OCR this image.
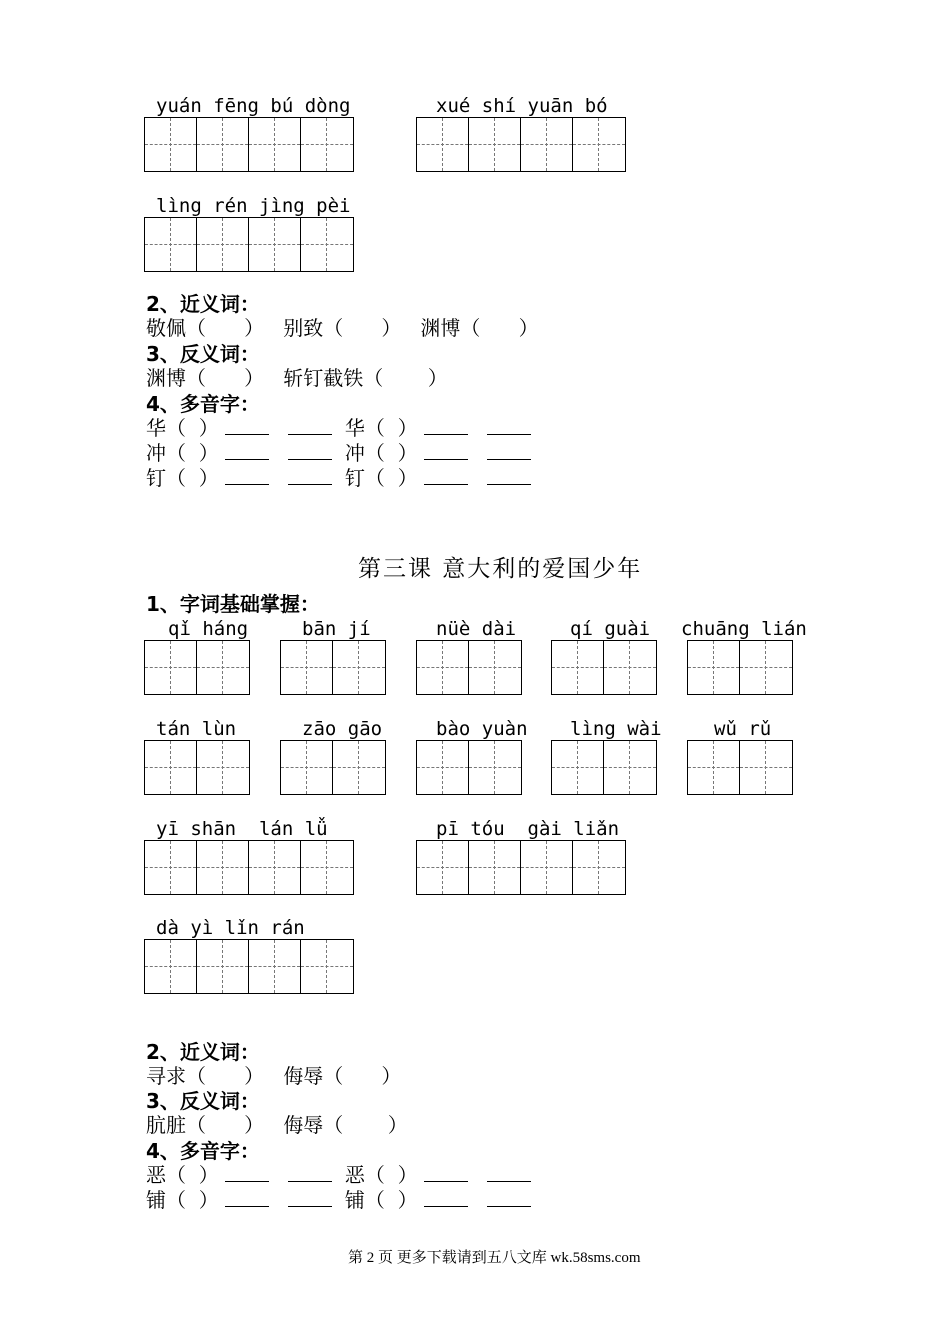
yuán fēng bú dòng	xué shí yuān bó
lìng rén jìng pèi
2、近义词：
敬佩（      ）   别致（      ）   渊博（      ）
3、反义词：
渊博（      ）   斩钉截铁（       ）
4、多音字：
华（  ）	华（  ）
冲（  ）	冲（  ）
钉（  ）	钉（  ）
第三课 意大利的爱国少年
1、字词基础掌握：
qǐ háng	bān jí	nüè dài	qí guài chuāng lián
tán lùn	zāo gāo	bào yuàn lìng wài	wǔ rǔ
yī shān  lán lǚ	pī tóu  gài liǎn
dà yì lǐn rán
2、近义词：
寻求（      ）   侮辱（      ）
3、反义词：
肮脏（      ）   侮辱（       ）
4、多音字：
恶（  ）	恶（  ）
铺（  ）	铺（  ）
第 2 页 更多下载请到五八文库 wk.58sms.com
